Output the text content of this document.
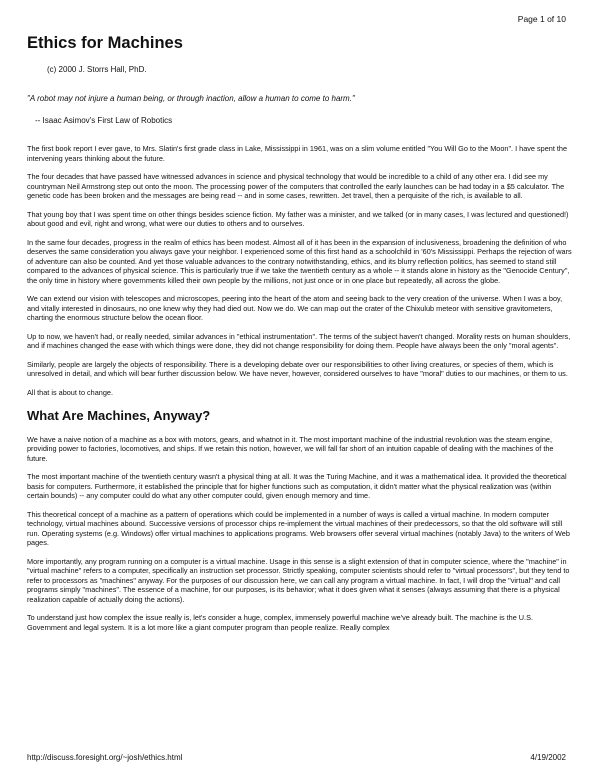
Page 1 of 10
Ethics for Machines
(c) 2000 J. Storrs Hall, PhD.
"A robot may not injure a human being, or through inaction, allow a human to come to harm."
-- Isaac Asimov's First Law of Robotics

The first book report I ever gave, to Mrs. Slatin's first grade class in Lake, Mississippi in 1961, was on a slim volume entitled "You Will Go to the Moon". I have spent the intervening years thinking about the future.

The four decades that have passed have witnessed advances in science and physical technology that would be incredible to a child of any other era. I did see my countryman Neil Armstrong step out onto the moon. The processing power of the computers that controlled the early launches can be had today in a $5 calculator. The genetic code has been broken and the messages are being read -- and in some cases, rewritten. Jet travel, then a perquisite of the rich, is available to all.

That young boy that I was spent time on other things besides science fiction. My father was a minister, and we talked (or in many cases, I was lectured and questioned!) about good and evil, right and wrong, what were our duties to others and to ourselves.

In the same four decades, progress in the realm of ethics has been modest. Almost all of it has been in the expansion of inclusiveness, broadening the definition of who deserves the same consideration you always gave your neighbor. I experienced some of this first hand as a schoolchild in '60's Mississippi. Perhaps the rejection of wars of adventure can also be counted. And yet those valuable advances to the contrary notwithstanding, ethics, and its blurry reflection politics, has seemed to stand still compared to the advances of physical science. This is particularly true if we take the twentieth century as a whole -- it stands alone in history as the "Genocide Century", the only time in history where governments killed their own people by the millions, not just once or in one place but repeatedly, all across the globe.

We can extend our vision with telescopes and microscopes, peering into the heart of the atom and seeing back to the very creation of the universe. When I was a boy, and vitally interested in dinosaurs, no one knew why they had died out. Now we do. We can map out the crater of the Chixulub meteor with sensitive gravitometers, charting the enormous structure below the ocean floor.

Up to now, we haven't had, or really needed, similar advances in "ethical instrumentation". The terms of the subject haven't changed. Morality rests on human shoulders, and if machines changed the ease with which things were done, they did not change responsibility for doing them. People have always been the only "moral agents".

Similarly, people are largely the objects of responsibility. There is a developing debate over our responsibilities to other living creatures, or species of them, which is unresolved in detail, and which will bear further discussion below. We have never, however, considered ourselves to have "moral" duties to our machines, or them to us.

All that is about to change.

What Are Machines, Anyway?

We have a naive notion of a machine as a box with motors, gears, and whatnot in it. The most important machine of the industrial revolution was the steam engine, providing power to factories, locomotives, and ships. If we retain this notion, however, we will fall far short of an intuition capable of dealing with the machines of the future.

The most important machine of the twentieth century wasn't a physical thing at all. It was the Turing Machine, and it was a mathematical idea. It provided the theoretical basis for computers. Furthermore, it established the principle that for higher functions such as computation, it didn't matter what the physical realization was (within certain bounds) -- any computer could do what any other computer could, given enough memory and time.

This theoretical concept of a machine as a pattern of operations which could be implemented in a number of ways is called a virtual machine. In modern computer technology, virtual machines abound. Successive versions of processor chips re-implement the virtual machines of their predecessors, so that the old software will still run. Operating systems (e.g. Windows) offer virtual machines to applications programs. Web browsers offer several virtual machines (notably Java) to the writers of Web pages.

More importantly, any program running on a computer is a virtual machine. Usage in this sense is a slight extension of that in computer science, where the "machine" in "virtual machine" refers to a computer, specifically an instruction set processor. Strictly speaking, computer scientists should refer to "virtual processors", but they tend to refer to processors as "machines" anyway. For the purposes of our discussion here, we can call any program a virtual machine. In fact, I will drop the "virtual" and call programs simply "machines". The essence of a machine, for our purposes, is its behavior; what it does given what it senses (always assuming that there is a physical realization capable of actually doing the actions).

To understand just how complex the issue really is, let's consider a huge, complex, immensely powerful machine we've already built. The machine is the U.S. Government and legal system. It is a lot more like a giant computer program than people realize. Really complex

http://discuss.foresight.org/~josh/ethics.html	4/19/2002
